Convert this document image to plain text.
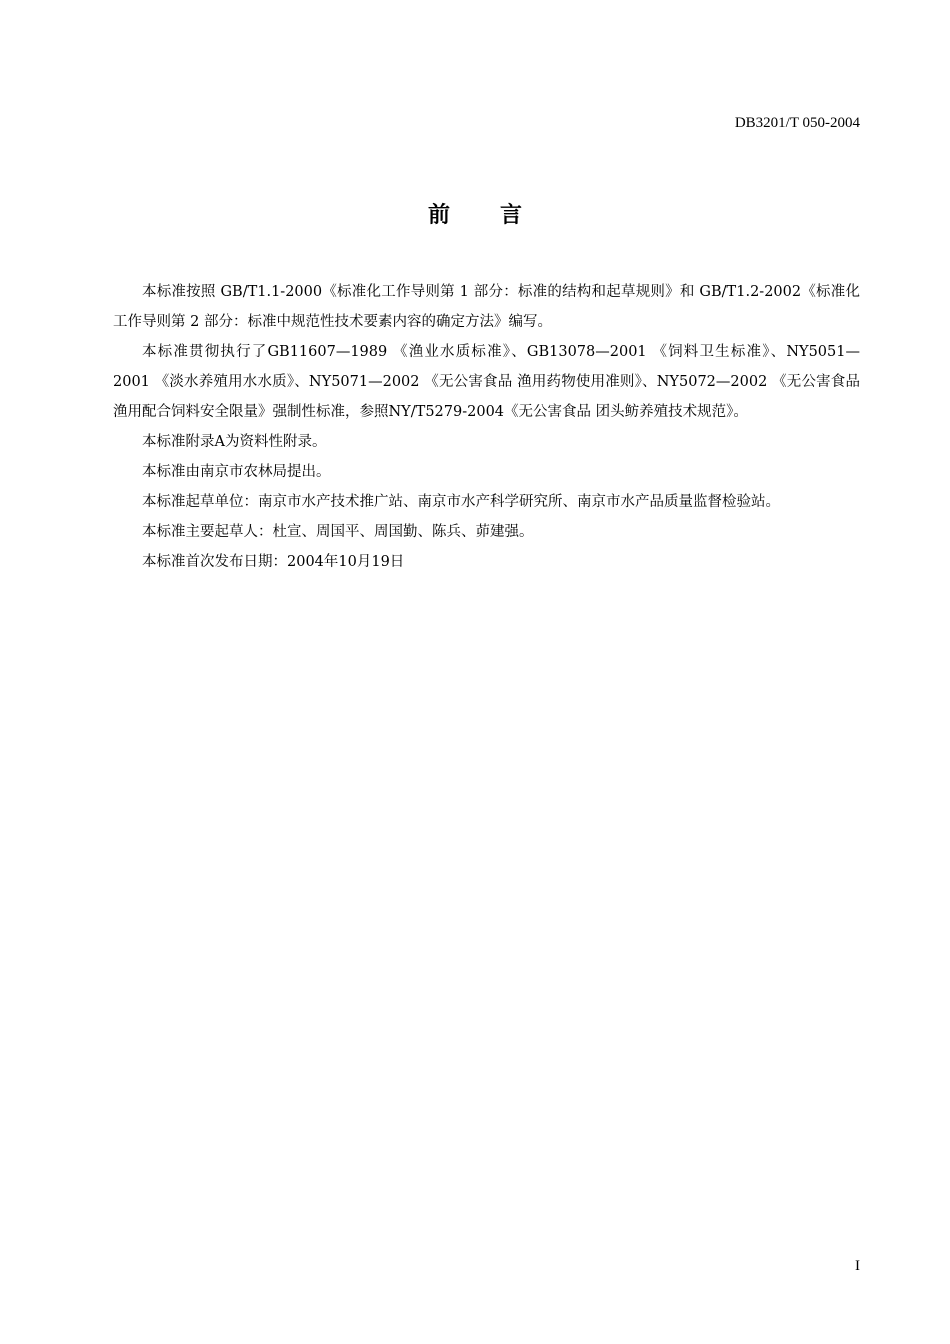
DB3201/T 050-2004
前 言

本标准按照 GB/T1.1-2000《标准化工作导则第 1 部分：标准的结构和起草规则》和 GB/T1.2-2002《标准化工作导则第 2 部分：标准中规范性技术要素内容的确定方法》编写。

本标准贯彻执行了GB11607—1989 《渔业水质标准》、GB13078—2001 《饲料卫生标准》、NY5051—2001 《淡水养殖用水水质》、NY5071—2002 《无公害食品 渔用药物使用准则》、NY5072—2002 《无公害食品 渔用配合饲料安全限量》强制性标准，参照NY/T5279-2004《无公害食品 团头鲂养殖技术规范》。

本标准附录A为资料性附录。

本标准由南京市农林局提出。

本标准起草单位：南京市水产技术推广站、南京市水产科学研究所、南京市水产品质量监督检验站。

本标准主要起草人：杜宣、周国平、周国勤、陈兵、茆建强。

本标准首次发布日期：2004年10月19日

I
